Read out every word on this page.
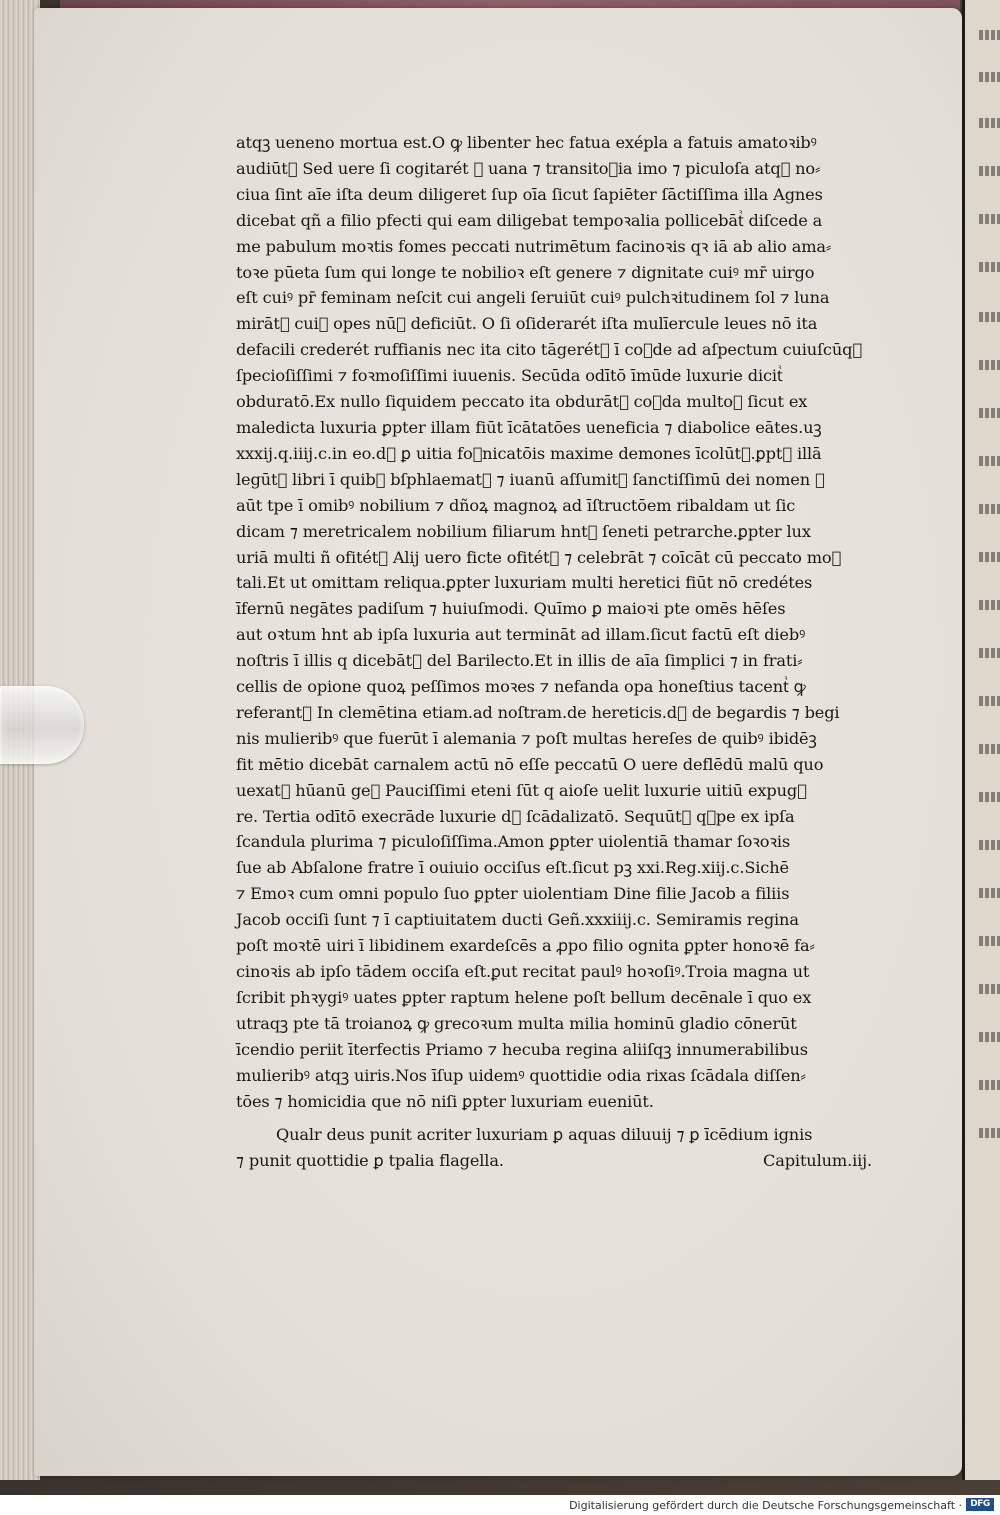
atqꝫ ueneno mortua est.O ꝙ libenter hec fatua exépla a fatuis amatoꝛibꝰ
audiūtᷣ Sed uere ſi cogitarét ꝙ uana ⁊ transitoꝛia imo ⁊ piculoſa atqꝫ no⸗
ciua ſint aīe iſta deum diligeret ſup oīa ſicut ſapiēter ſāctiſſima illa Agnes
dicebat qñ a filio pfecti qui eam diligebat tempoꝛalia pollicebātᷣ diſcede a
me pabulum moꝛtis fomes peccati nutrimētum facinoꝛis qꝛ iā ab alio ama⸗
toꝛe pūeta ſum qui longe te nobilioꝛ eſt genere ⁊ dignitate cuiꝰ mr̄ uirgo
eſt cuiꝰ pr̄ feminam neſcit cui angeli ſeruiūt cuiꝰ pulchꝛitudinem ſol ⁊ luna
mirātᷣ cuiꝰ opes nūꝙ deficiūt. O ſi oſiderarét iſta mulīercule leues nō ita
defacili crederét ruffianis nec ita cito tāgerétᷣ ī coꝛde ad aſpectum cuiuſcūqꝫ
ſpecioſiſſimi ⁊ foꝛmoſiſſimi iuuenis. Secūda odītō īmūde luxurie dicitᷣ
obduratō.Ex nullo ſiquidem peccato ita obdurātᷣ coꝛda multoꝝ ſicut ex
maledicta luxuria ꝑpter illam fiūt īcātatōes ueneficia ⁊ diabolice eātes.uꝫ
xxxij.q.iiij.c.in eo.dᷣ ꝑ uitia foꝛnicatōis maxime demones īcolūtᷣ.ꝑptᷣ illā
legūtᷣ libri ī quibꝰ bſphlaematᷣ ⁊ iuanū aſſumitᷣ ſanctiſſimū dei nomen ꝯ
aūt tpe ī omibꝰ nobilium ⁊ dñoꝝ magnoꝝ ad īſtructōem ribaldam ut ſic
dicam ⁊ meretricalem nobilium filiarum hntᷣ ſeneti petrarche.ꝑpter lux
uriā multi ñ ofitétᷣ Alij uero ficte ofitétᷣ ⁊ celebrāt ⁊ coīcāt cū peccato moꝛ
tali.Et ut omittam reliqua.ꝑpter luxuriam multi heretici fiūt nō credétes
īfernū negātes padiſum ⁊ huiuſmodi. Quīmo ꝑ maioꝛi pte omēs hēſes
aut oꝛtum hnt ab ipſa luxuria aut termināt ad illam.ſicut factū eſt diebꝰ
noſtris ī illis q dicebātᷣ del Barilecto.Et in illis de aīa ſimplici ⁊ in frati⸗
cellis de opione quoꝝ peſſimos moꝛes ⁊ nefanda opa honeſtius tacentᷣ ꝙ
referantᷣ In clemētina etiam.ad noſtram.de hereticis.dᷣ de begardis ⁊ begi
nis mulieribꝰ que fuerūt ī alemania ⁊ poſt multas hereſes de quibꝰ ibidēꝫ
fit mētio dicebāt carnalem actū nō eſſe peccatū O uere deflēdū malū quo
uexatᷣ hūanū geꝰ Pauciſſimi eteni ſūt q aioſe uelit luxurie uitiū expugꝰ
re. Tertia odītō execrāde luxurie dᷣ ſcādalizatō. Sequūtᷣ qꝫpe ex ipſa
ſcandula plurima ⁊ piculoſiſſima.Amon ꝑpter uiolentiā thamar ſoꝛoꝛis
ſue ab Abſalone fratre ī ouiuio occiſus eſt.ſicut pꝫ xxi.Reg.xiij.c.Sichē
⁊ Emoꝛ cum omni populo ſuo ꝑpter uiolentiam Dine filie Jacob a filiis
Jacob occiſi ſunt ⁊ ī captiuitatem ducti Geñ.xxxiiij.c. Semiramis regina
poſt moꝛtē uiri ī libidinem exardeſcēs a ꝓpo filio ognita ꝑpter honoꝛē fa⸗
cinoꝛis ab ipſo tādem occiſa eſt.ꝑut recitat paulꝰ hoꝛoſiꝰ.Troia magna ut
ſcribit phꝛygiꝰ uates ꝑpter raptum helene poſt bellum decēnale ī quo ex
utraqꝫ pte tā troianoꝝ ꝙ grecoꝛum multa milia hominū gladio cōnerūt
īcendio periit īterfectis Priamo ⁊ hecuba regina aliiſqꝫ innumerabilibus
mulieribꝰ atqꝫ uiris.Nos īſup uidemꝰ quottidie odia rixas ſcādala diſſen⸗
tōes ⁊ homicidia que nō niſi ꝑpter luxuriam eueniūt.
Qualr deus punit acriter luxuriam ꝑ aquas diluuij ⁊ ꝑ īcēdium ignis
⁊ punit quottidie ꝑ tpalia flagella.	Capitulum.iij.
Digitalisierung gefördert durch die Deutsche Forschungsgemeinschaft · DFG
